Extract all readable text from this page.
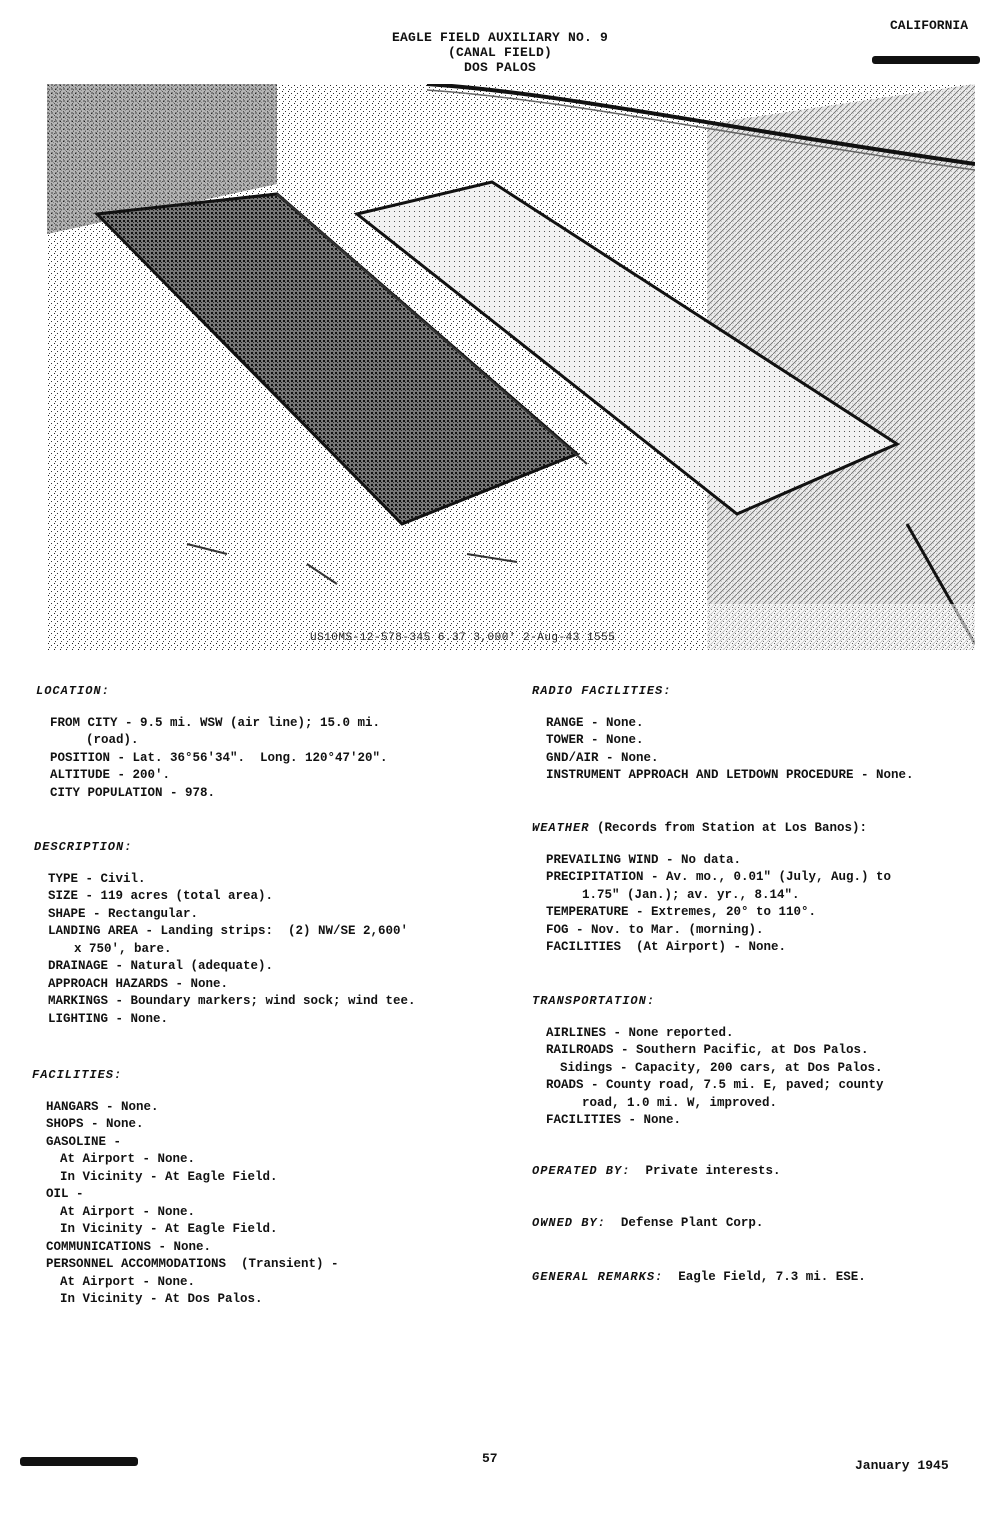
EAGLE FIELD AUXILIARY NO. 9
(CANAL FIELD)
DOS PALOS
CALIFORNIA
US10MS-12-578-345 6.37 3,000' 2-Aug-43 1555
LOCATION:
FROM CITY - 9.5 mi. WSW (air line); 15.0 mi.
(road).
POSITION - Lat. 36°56'34".  Long. 120°47'20".
ALTITUDE - 200'.
CITY POPULATION - 978.
DESCRIPTION:
TYPE - Civil.
SIZE - 119 acres (total area).
SHAPE - Rectangular.
LANDING AREA - Landing strips:  (2) NW/SE 2,600'
x 750', bare.
DRAINAGE - Natural (adequate).
APPROACH HAZARDS - None.
MARKINGS - Boundary markers; wind sock; wind tee.
LIGHTING - None.
FACILITIES:
HANGARS - None.
SHOPS - None.
GASOLINE -
At Airport - None.
In Vicinity - At Eagle Field.
OIL -
At Airport - None.
In Vicinity - At Eagle Field.
COMMUNICATIONS - None.
PERSONNEL ACCOMMODATIONS  (Transient) -
At Airport - None.
In Vicinity - At Dos Palos.
RADIO FACILITIES:
RANGE - None.
TOWER - None.
GND/AIR - None.
INSTRUMENT APPROACH AND LETDOWN PROCEDURE - None.
WEATHER (Records from Station at Los Banos):
PREVAILING WIND - No data.
PRECIPITATION - Av. mo., 0.01" (July, Aug.) to
1.75" (Jan.); av. yr., 8.14".
TEMPERATURE - Extremes, 20° to 110°.
FOG - Nov. to Mar. (morning).
FACILITIES  (At Airport) - None.
TRANSPORTATION:
AIRLINES - None reported.
RAILROADS - Southern Pacific, at Dos Palos.
Sidings - Capacity, 200 cars, at Dos Palos.
ROADS - County road, 7.5 mi. E, paved; county
road, 1.0 mi. W, improved.
FACILITIES - None.
OPERATED BY: Private interests.
OWNED BY: Defense Plant Corp.
GENERAL REMARKS: Eagle Field, 7.3 mi. ESE.
57	January 1945
